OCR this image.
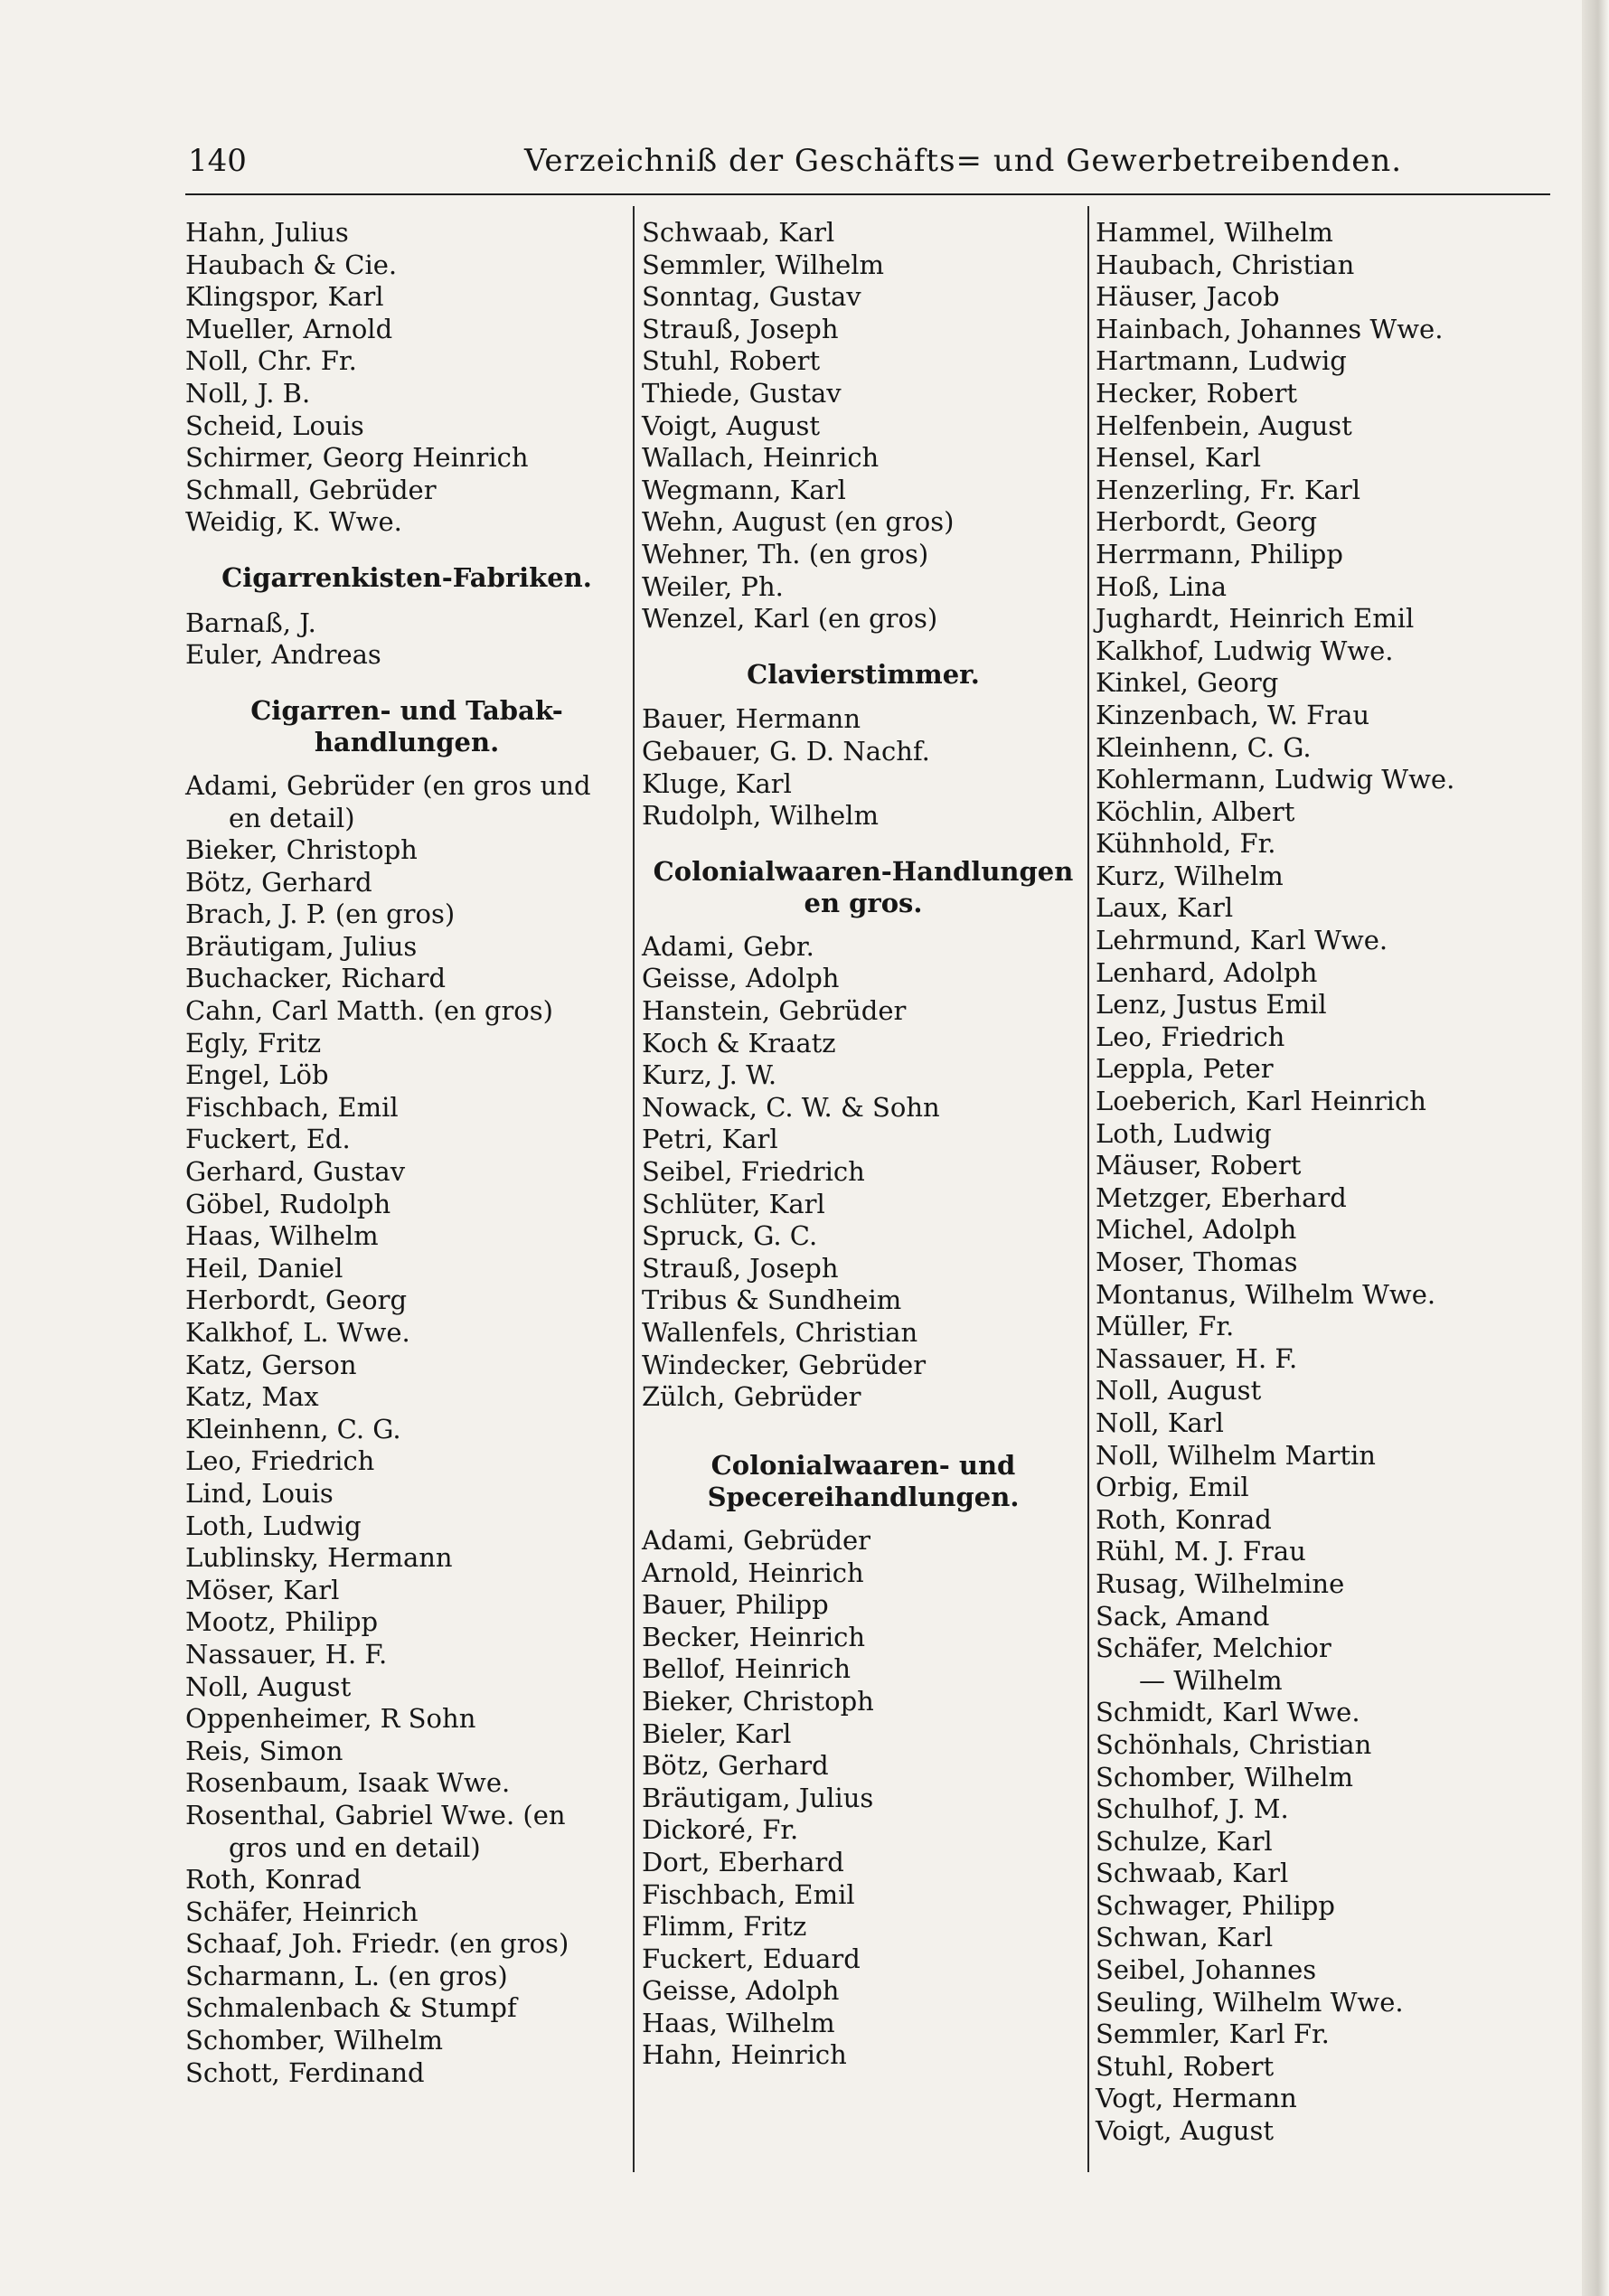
140	Verzeichniß der Geschäfts= und Gewerbetreibenden.
Hahn, Julius
Haubach & Cie.
Klingspor, Karl
Mueller, Arnold
Noll, Chr. Fr.
Noll, J. B.
Scheid, Louis
Schirmer, Georg Heinrich
Schmall, Gebrüder
Weidig, K. Wwe.
Cigarrenkisten-Fabriken.
Barnaß, J.
Euler, Andreas
Cigarren- und Tabak-
handlungen.
Adami, Gebrüder (en gros und
en detail)
Bieker, Christoph
Bötz, Gerhard
Brach, J. P. (en gros)
Bräutigam, Julius
Buchacker, Richard
Cahn, Carl Matth. (en gros)
Egly, Fritz
Engel, Löb
Fischbach, Emil
Fuckert, Ed.
Gerhard, Gustav
Göbel, Rudolph
Haas, Wilhelm
Heil, Daniel
Herbordt, Georg
Kalkhof, L. Wwe.
Katz, Gerson
Katz, Max
Kleinhenn, C. G.
Leo, Friedrich
Lind, Louis
Loth, Ludwig
Lublinsky, Hermann
Möser, Karl
Mootz, Philipp
Nassauer, H. F.
Noll, August
Oppenheimer, R Sohn
Reis, Simon
Rosenbaum, Isaak Wwe.
Rosenthal, Gabriel Wwe. (en
gros und en detail)
Roth, Konrad
Schäfer, Heinrich
Schaaf, Joh. Friedr. (en gros)
Scharmann, L. (en gros)
Schmalenbach & Stumpf
Schomber, Wilhelm
Schott, Ferdinand
Schwaab, Karl
Semmler, Wilhelm
Sonntag, Gustav
Strauß, Joseph
Stuhl, Robert
Thiede, Gustav
Voigt, August
Wallach, Heinrich
Wegmann, Karl
Wehn, August (en gros)
Wehner, Th. (en gros)
Weiler, Ph.
Wenzel, Karl (en gros)
Clavierstimmer.
Bauer, Hermann
Gebauer, G. D. Nachf.
Kluge, Karl
Rudolph, Wilhelm
Colonialwaaren-Handlungen
en gros.
Adami, Gebr.
Geisse, Adolph
Hanstein, Gebrüder
Koch & Kraatz
Kurz, J. W.
Nowack, C. W. & Sohn
Petri, Karl
Seibel, Friedrich
Schlüter, Karl
Spruck, G. C.
Strauß, Joseph
Tribus & Sundheim
Wallenfels, Christian
Windecker, Gebrüder
Zülch, Gebrüder
Colonialwaaren- und
Specereihandlungen.
Adami, Gebrüder
Arnold, Heinrich
Bauer, Philipp
Becker, Heinrich
Bellof, Heinrich
Bieker, Christoph
Bieler, Karl
Bötz, Gerhard
Bräutigam, Julius
Dickoré, Fr.
Dort, Eberhard
Fischbach, Emil
Flimm, Fritz
Fuckert, Eduard
Geisse, Adolph
Haas, Wilhelm
Hahn, Heinrich
Hammel, Wilhelm
Haubach, Christian
Häuser, Jacob
Hainbach, Johannes Wwe.
Hartmann, Ludwig
Hecker, Robert
Helfenbein, August
Hensel, Karl
Henzerling, Fr. Karl
Herbordt, Georg
Herrmann, Philipp
Hoß, Lina
Jughardt, Heinrich Emil
Kalkhof, Ludwig Wwe.
Kinkel, Georg
Kinzenbach, W. Frau
Kleinhenn, C. G.
Kohlermann, Ludwig Wwe.
Köchlin, Albert
Kühnhold, Fr.
Kurz, Wilhelm
Laux, Karl
Lehrmund, Karl Wwe.
Lenhard, Adolph
Lenz, Justus Emil
Leo, Friedrich
Leppla, Peter
Loeberich, Karl Heinrich
Loth, Ludwig
Mäuser, Robert
Metzger, Eberhard
Michel, Adolph
Moser, Thomas
Montanus, Wilhelm Wwe.
Müller, Fr.
Nassauer, H. F.
Noll, August
Noll, Karl
Noll, Wilhelm Martin
Orbig, Emil
Roth, Konrad
Rühl, M. J. Frau
Rusag, Wilhelmine
Sack, Amand
Schäfer, Melchior
— Wilhelm
Schmidt, Karl Wwe.
Schönhals, Christian
Schomber, Wilhelm
Schulhof, J. M.
Schulze, Karl
Schwaab, Karl
Schwager, Philipp
Schwan, Karl
Seibel, Johannes
Seuling, Wilhelm Wwe.
Semmler, Karl Fr.
Stuhl, Robert
Vogt, Hermann
Voigt, August
